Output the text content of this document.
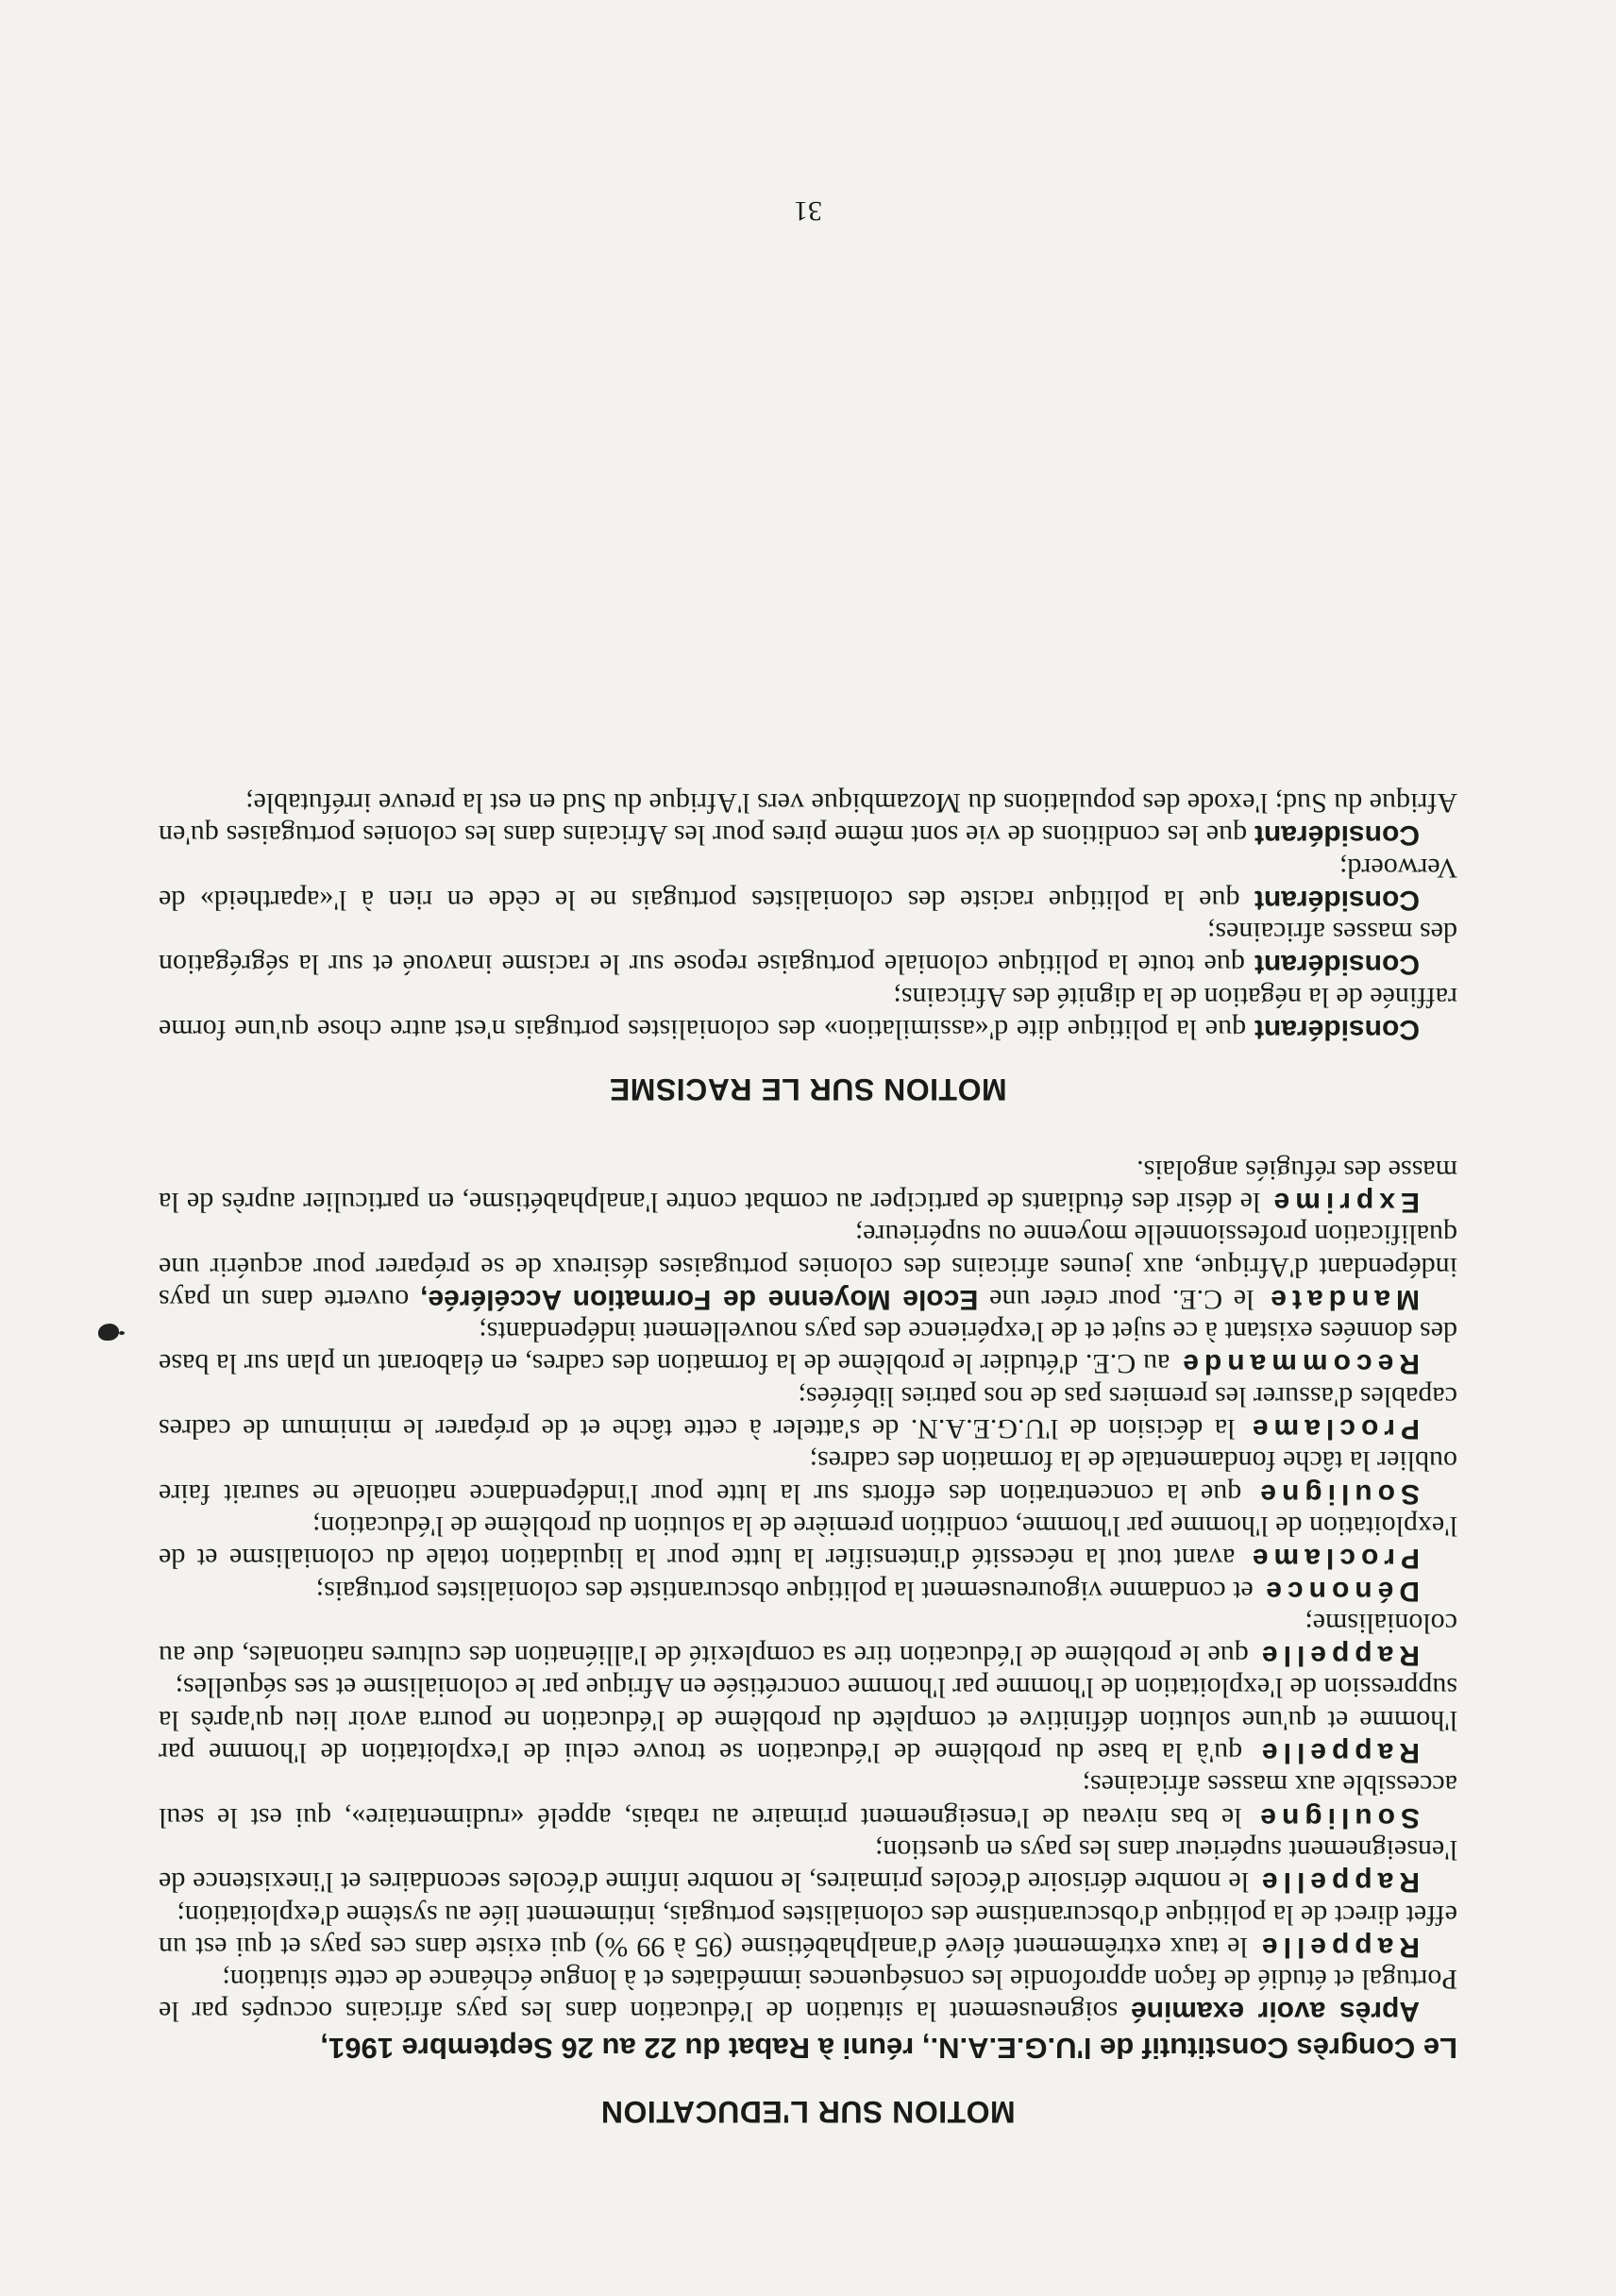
MOTION SUR L'EDUCATION

Le Congrès Constitutif de l'U.G.E.A.N., réuni à Rabat du 22 au 26 Septembre 1961,

Après avoir examiné soigneusement la situation de l'éducation dans les pays africains occupés par le Portugal et étudié de façon approfondie les conséquences immédiates et à longue échéance de cette situation;

Rappelle le taux extrêmement élevé d'analphabétisme (95 à 99 %) qui existe dans ces pays et qui est un effet direct de la politique d'obscurantisme des colonialistes portugais, intimement liée au système d'exploitation;

Rappelle le nombre dérisoire d'écoles primaires, le nombre infime d'écoles secondaires et l'inexistence de l'enseignement supérieur dans les pays en question;

Souligne le bas niveau de l'enseignement primaire au rabais, appelé «rudimentaire», qui est le seul accessible aux masses africaines;

Rappelle qu'à la base du problème de l'éducation se trouve celui de l'exploitation de l'homme par l'homme et qu'une solution définitive et complète du problème de l'éducation ne pourra avoir lieu qu'après la suppression de l'exploitation de l'homme par l'homme concrétisée en Afrique par le colonialisme et ses séquelles;

Rappelle que le problème de l'éducation tire sa complexité de l'alliénation des cultures nationales, due au colonialisme;

Dénonce et condamne vigoureusement la politique obscurantiste des colonialistes portugais;

Proclame avant tout la nécessité d'intensifier la lutte pour la liquidation totale du colonialisme et de l'exploitation de l'homme par l'homme, condition première de la solution du problème de l'éducation;

Souligne que la concentration des efforts sur la lutte pour l'indépendance nationale ne saurait faire oublier la tâche fondamentale de la formation des cadres;

Proclame la décision de l'U.G.E.A.N. de s'atteler à cette tâche et de préparer le minimum de cadres capables d'assurer les premiers pas de nos patries libérées;

Recommande au C.E. d'étudier le problème de la formation des cadres, en élaborant un plan sur la base des données existant à ce sujet et de l'expérience des pays nouvellement indépendants;

Mandate le C.E. pour créer une Ecole Moyenne de Formation Accélérée, ouverte dans un pays indépendant d'Afrique, aux jeunes africains des colonies portugaises désireux de se préparer pour acquérir une qualification professionnelle moyenne ou supérieure;

Exprime le désir des étudiants de participer au combat contre l'analphabétisme, en particulier auprès de la masse des réfugiés angolais.

MOTION SUR LE RACISME

Considérant que la politique dite d'«assimilation» des colonialistes portugais n'est autre chose qu'une forme raffinée de la négation de la dignité des Africains;

Considérant que toute la politique coloniale portugaise repose sur le racisme inavoué et sur la ségrégation des masses africaines;

Considérant que la politique raciste des colonialistes portugais ne le cède en rien à l'«apartheid» de Verwoerd;

Considérant que les conditions de vie sont même pires pour les Africains dans les colonies portugaises qu'en Afrique du Sud; l'exode des populations du Mozambique vers l'Afrique du Sud en est la preuve irréfutable;

31
